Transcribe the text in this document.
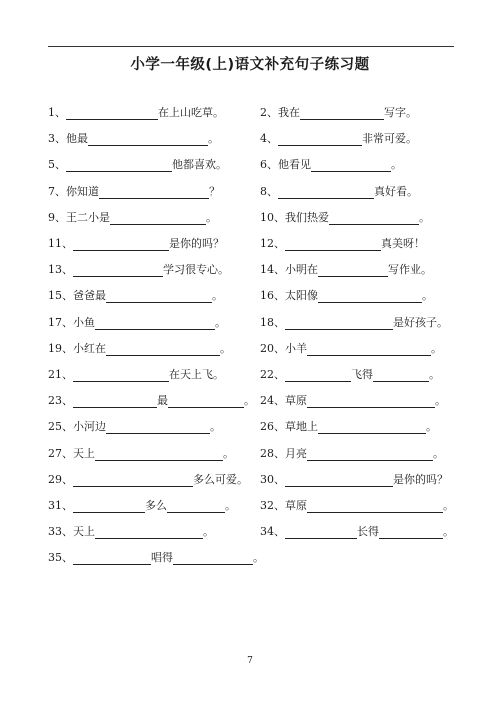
小学一年级(上)语文补充句子练习题
1、	在上山吃草。	2、我在	写字。
3、他最	。	4、	非常可爱。
5、	他都喜欢。	6、他看见	。
7、你知道	？	8、	真好看。
9、王二小是	。	10、我们热爱	。
11、	是你的吗？	12、	真美呀！
13、	学习很专心。	14、小明在	写作业。
15、爸爸最	。	16、太阳像	。
17、小鱼	。	18、	是好孩子。
19、小红在	。	20、小羊	。
21、	在天上飞。	22、	飞得	。
23、	最	。 24、草原	。
25、小河边	。	26、草地上	。
27、天上	。 28、月亮	。
29、	多么可爱。 30、	是你的吗？
31、	多么	。 32、草原	。
33、天上	。	34、	长得	。
35、	唱得	。
7
